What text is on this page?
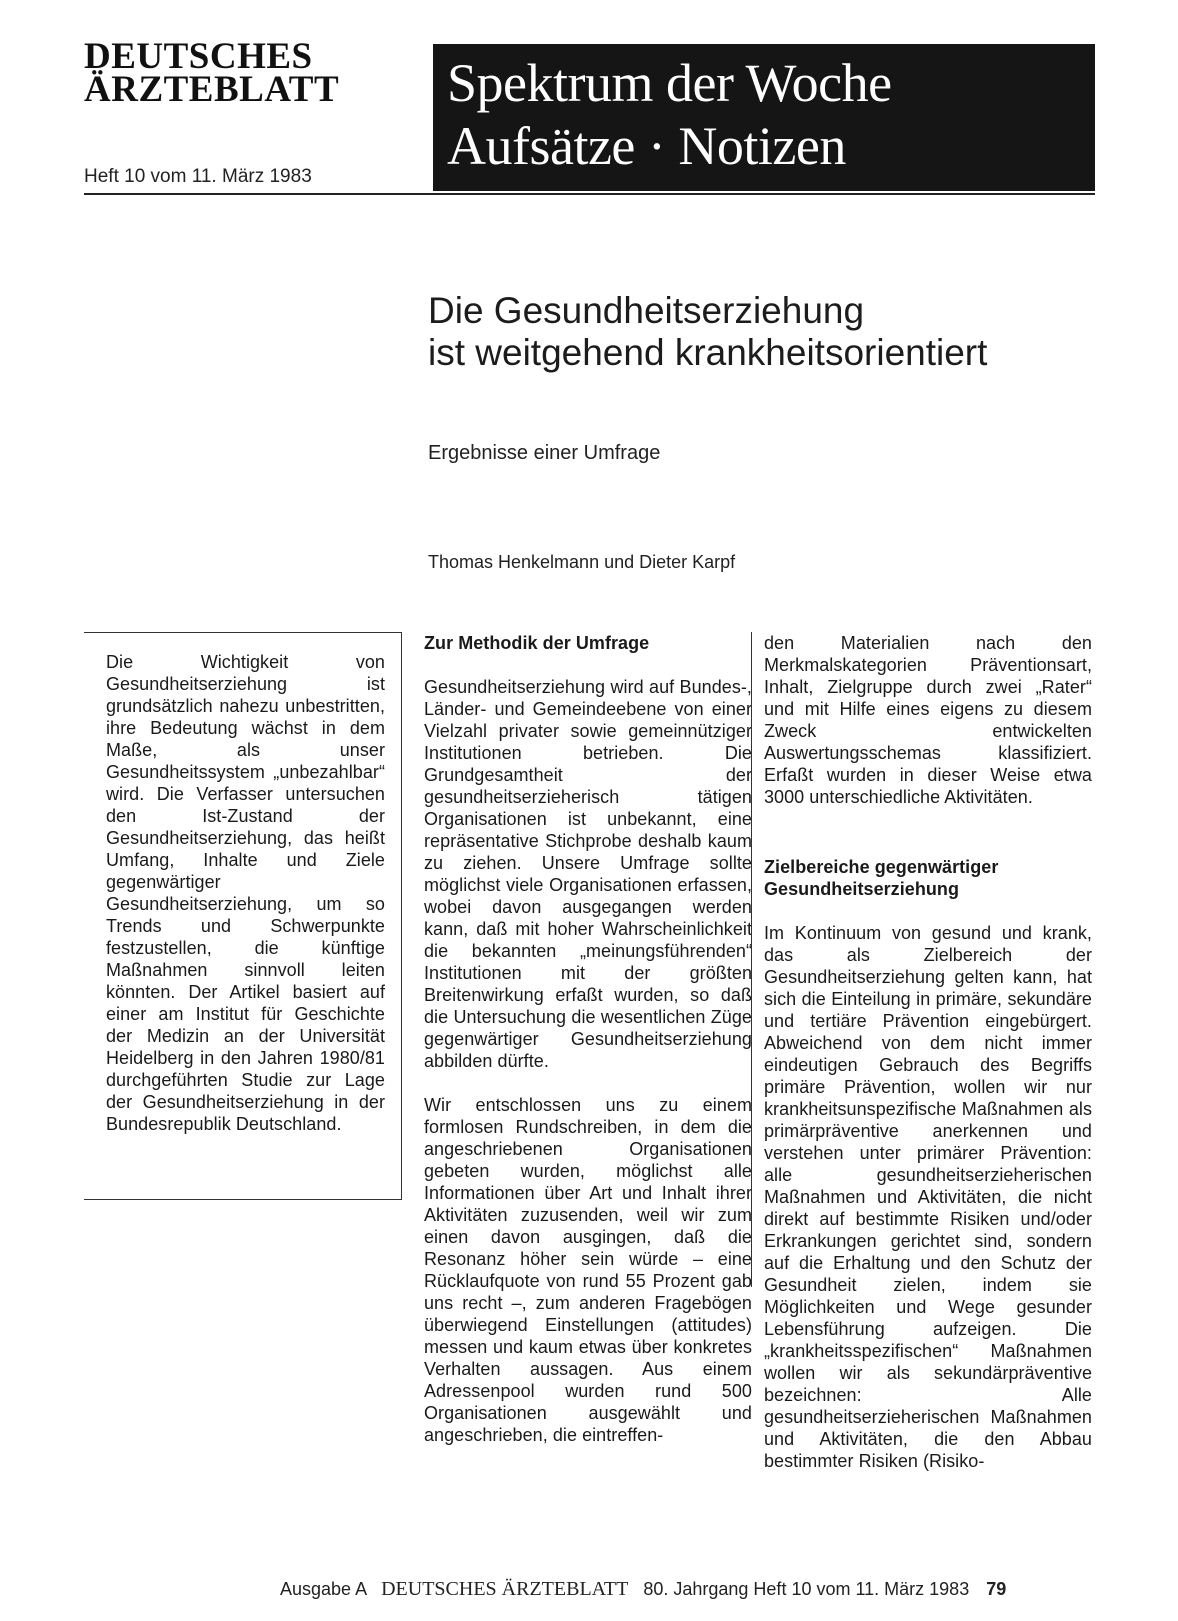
DEUTSCHES
ÄRZTEBLATT
Heft 10 vom 11. März 1983
Spektrum der Woche
Aufsätze · Notizen
Die Gesundheitserziehung
ist weitgehend krankheitsorientiert
Ergebnisse einer Umfrage
Thomas Henkelmann und Dieter Karpf
Die Wichtigkeit von Gesundheitserziehung ist grundsätzlich nahezu unbestritten, ihre Bedeutung wächst in dem Maße, als unser Gesundheitssystem „unbezahlbar“ wird. Die Verfasser untersuchen den Ist-Zustand der Gesundheitserziehung, das heißt Umfang, Inhalte und Ziele gegenwärtiger Gesundheitserziehung, um so Trends und Schwerpunkte festzustellen, die künftige Maßnahmen sinnvoll leiten könnten. Der Artikel basiert auf einer am Institut für Geschichte der Medizin an der Universität Heidelberg in den Jahren 1980/81 durchgeführten Studie zur Lage der Gesundheitserziehung in der Bundesrepublik Deutschland.
Zur Methodik der Umfrage

Gesundheitserziehung wird auf Bundes-, Länder- und Gemeindeebene von einer Vielzahl privater sowie gemeinnütziger Institutionen betrieben. Die Grundgesamtheit der gesundheitserzieherisch tätigen Organisationen ist unbekannt, eine repräsentative Stichprobe deshalb kaum zu ziehen. Unsere Umfrage sollte möglichst viele Organisationen erfassen, wobei davon ausgegangen werden kann, daß mit hoher Wahrscheinlichkeit die bekannten „meinungsführenden“ Institutionen mit der größten Breitenwirkung erfaßt wurden, so daß die Untersuchung die wesentlichen Züge gegenwärtiger Gesundheitserziehung abbilden dürfte.

Wir entschlossen uns zu einem formlosen Rundschreiben, in dem die angeschriebenen Organisationen gebeten wurden, möglichst alle Informationen über Art und Inhalt ihrer Aktivitäten zuzusenden, weil wir zum einen davon ausgingen, daß die Resonanz höher sein würde – eine Rücklaufquote von rund 55 Prozent gab uns recht –, zum anderen Fragebögen überwiegend Einstellungen (attitudes) messen und kaum etwas über konkretes Verhalten aussagen. Aus einem Adressenpool wurden rund 500 Organisationen ausgewählt und angeschrieben, die eintreffen-

den Materialien nach den Merkmalskategorien Präventionsart, Inhalt, Zielgruppe durch zwei „Rater“ und mit Hilfe eines eigens zu diesem Zweck entwickelten Auswertungsschemas klassifiziert. Erfaßt wurden in dieser Weise etwa 3000 unterschiedliche Aktivitäten.

Zielbereiche gegenwärtiger Gesundheitserziehung

Im Kontinuum von gesund und krank, das als Zielbereich der Gesundheitserziehung gelten kann, hat sich die Einteilung in primäre, sekundäre und tertiäre Prävention eingebürgert. Abweichend von dem nicht immer eindeutigen Gebrauch des Begriffs primäre Prävention, wollen wir nur krankheitsunspezifische Maßnahmen als primärpräventive anerkennen und verstehen unter primärer Prävention: alle gesundheitserzieherischen Maßnahmen und Aktivitäten, die nicht direkt auf bestimmte Risiken und/oder Erkrankungen gerichtet sind, sondern auf die Erhaltung und den Schutz der Gesundheit zielen, indem sie Möglichkeiten und Wege gesunder Lebensführung aufzeigen. Die „krankheitsspezifischen“ Maßnahmen wollen wir als sekundärpräventive bezeichnen: Alle gesundheitserzieherischen Maßnahmen und Aktivitäten, die den Abbau bestimmter Risiken (Risiko-

Ausgabe A DEUTSCHES ÄRZTEBLATT 80. Jahrgang Heft 10 vom 11. März 1983 79
